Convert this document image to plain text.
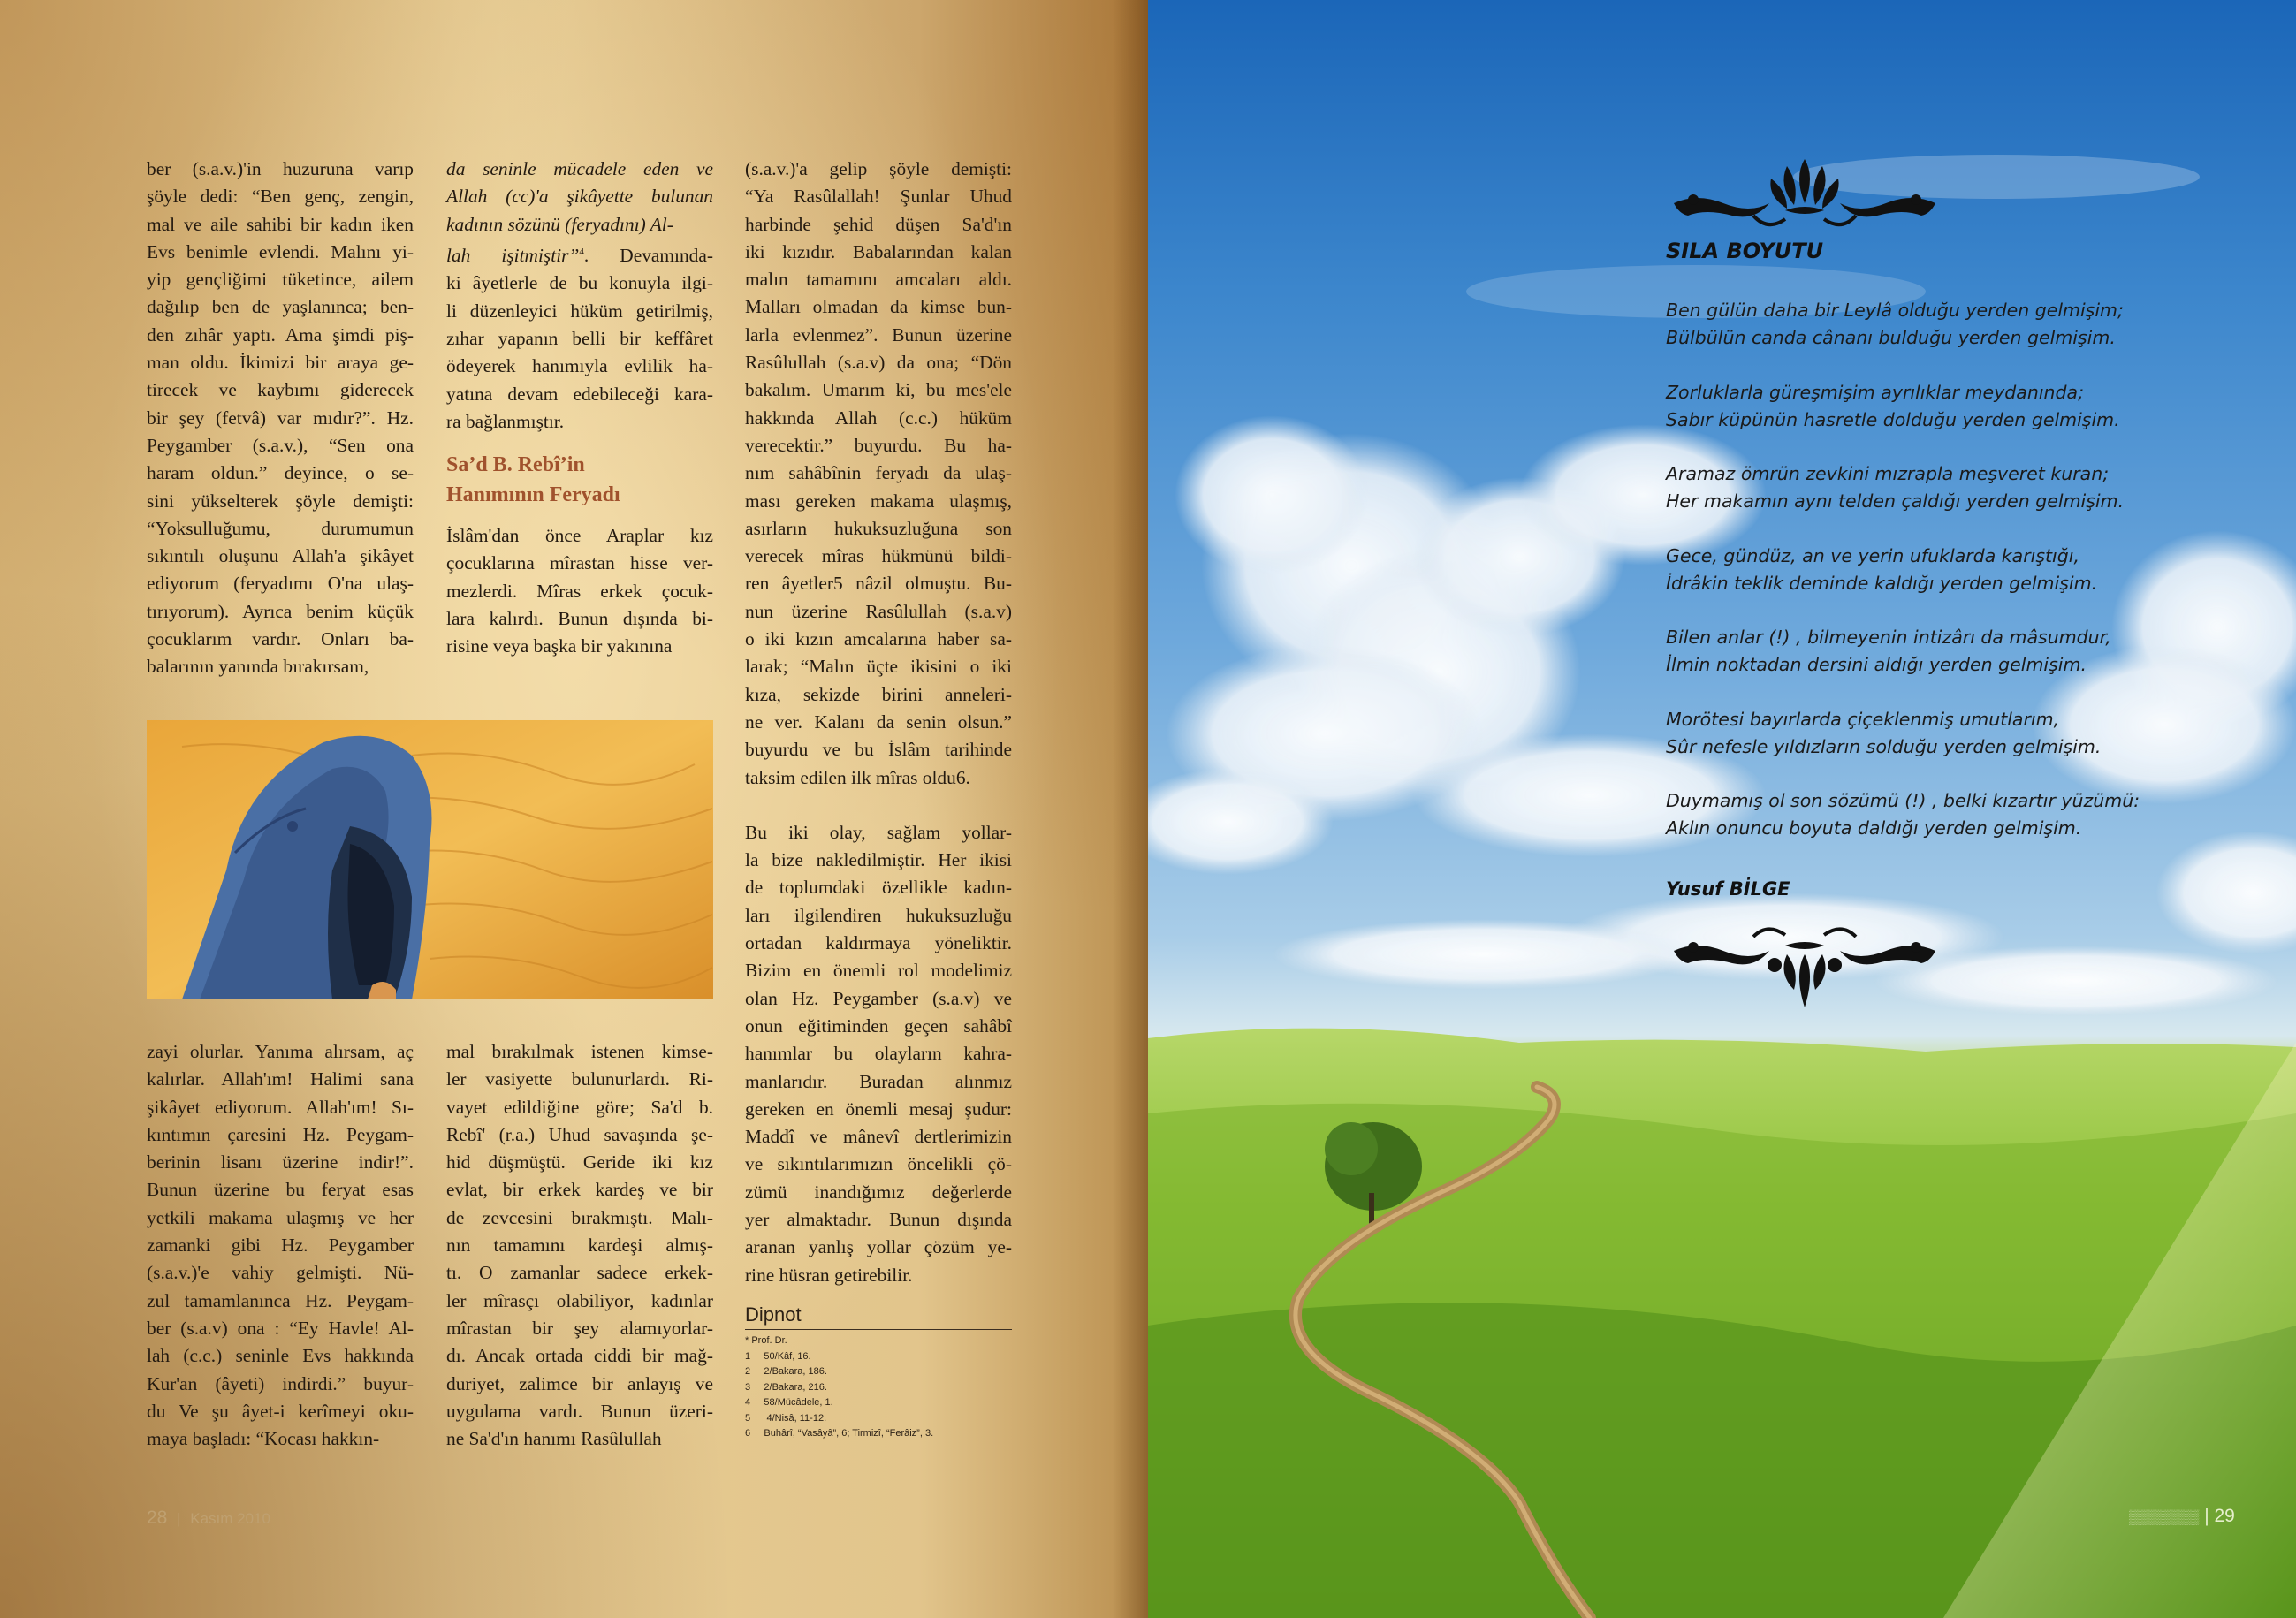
ber (s.a.v.)'in huzuruna varıp
şöyle dedi: “Ben genç, zengin,
mal ve aile sahibi bir kadın iken
Evs benimle evlendi. Malını yi-
yip gençliğimi tüketince, ailem
dağılıp ben de yaşlanınca; ben-
den zıhâr yaptı. Ama şimdi piş-
man oldu. İkimizi bir araya ge-
tirecek ve kaybımı giderecek
bir şey (fetvâ) var mıdır?”. Hz.
Peygamber (s.a.v.), “Sen ona
haram oldun.” deyince, o se-
sini yükselterek şöyle demişti:
“Yoksulluğumu, durumumun
sıkıntılı oluşunu Allah'a şikâyet
ediyorum (feryadımı O'na ulaş-
tırıyorum). Ayrıca benim küçük
çocuklarım vardır. Onları ba-
balarının yanında bırakırsam,
da seninle mücadele eden ve
Allah (cc)'a şikâyette bulunan
kadının sözünü (feryadını) Al-
lah işitmiştir”$^4$. Devamında-
ki âyetlerle de bu konuyla ilgi-
li düzenleyici hüküm getirilmiş,
zıhar yapanın belli bir keffâret
ödeyerek hanımıyla evlilik ha-
yatına devam edebileceği kara-
ra bağlanmıştır.
Sa’d B. Rebî’in
Hanımının Feryadı
İslâm'dan önce Araplar kız
çocuklarına mîrastan hisse ver-
mezlerdi. Mîras erkek çocuk-
lara kalırdı. Bunun dışında bi-
risine veya başka bir yakınına
(s.a.v.)'a gelip şöyle demişti:
“Ya Rasûlallah! Şunlar Uhud
harbinde şehid düşen Sa'd'ın
iki kızıdır. Babalarından kalan
malın tamamını amcaları aldı.
Malları olmadan da kimse bun-
larla evlenmez”. Bunun üzerine
Rasûlullah (s.a.v) da ona; “Dön
bakalım. Umarım ki, bu mes'ele
hakkında Allah (c.c.) hüküm
verecektir.” buyurdu. Bu ha-
nım sahâbînin feryadı da ulaş-
ması gereken makama ulaşmış,
asırların hukuksuzluğuna son
verecek mîras hükmünü bildi-
ren âyetler5 nâzil olmuştu. Bu-
nun üzerine Rasûlullah (s.a.v)
o iki kızın amcalarına haber sa-
larak; “Malın üçte ikisini o iki
kıza, sekizde birini anneleri-
ne ver. Kalanı da senin olsun.”
buyurdu ve bu İslâm tarihinde
taksim edilen ilk mîras oldu6.
Bu iki olay, sağlam yollar-
la bize nakledilmiştir. Her ikisi
de toplumdaki özellikle kadın-
ları ilgilendiren hukuksuzluğu
ortadan kaldırmaya yöneliktir.
Bizim en önemli rol modelimiz
olan Hz. Peygamber (s.a.v) ve
onun eğitiminden geçen sahâbî
hanımlar bu olayların kahra-
manlarıdır. Buradan alınmız
gereken en önemli mesaj şudur:
Maddî ve mânevî dertlerimizin
ve sıkıntılarımızın öncelikli çö-
zümü inandığımız değerlerde
yer almaktadır. Bunun dışında
aranan yanlış yollar çözüm ye-
rine hüsran getirebilir.
zayi olurlar. Yanıma alırsam, aç
kalırlar. Allah'ım! Halimi sana
şikâyet ediyorum. Allah'ım! Sı-
kıntımın çaresini Hz. Peygam-
berinin lisanı üzerine indir!”.
Bunun üzerine bu feryat esas
yetkili makama ulaşmış ve her
zamanki gibi Hz. Peygamber
(s.a.v.)'e vahiy gelmişti. Nü-
zul tamamlanınca Hz. Peygam-
ber (s.a.v) ona : “Ey Havle! Al-
lah (c.c.) seninle Evs hakkında
Kur'an (âyeti) indirdi.” buyur-
du Ve şu âyet-i kerîmeyi oku-
maya başladı: “Kocası hakkın-
mal bırakılmak istenen kimse-
ler vasiyette bulunurlardı. Ri-
vayet edildiğine göre; Sa'd b.
Rebî' (r.a.) Uhud savaşında şe-
hid düşmüştü. Geride iki kız
evlat, bir erkek kardeş ve bir
de zevcesini bırakmıştı. Malı-
nın tamamını kardeşi almış-
tı. O zamanlar sadece erkek-
ler mîrasçı olabiliyor, kadınlar
mîrastan bir şey alamıyorlar-
dı. Ancak ortada ciddi bir mağ-
duriyet, zalimce bir anlayış ve
uygulama vardı. Bunun üzeri-
ne Sa'd'ın hanımı Rasûlullah
Dipnot
* Prof. Dr.
1     50/Kâf, 16.
2     2/Bakara, 186.
3     2/Bakara, 216.
4     58/Mücâdele, 1.
5      4/Nisâ, 11-12.
6     Buhârî, “Vasâyâ”, 6; Tirmizî, “Ferâiz”, 3.
28 | Kasım 2010	▒▒▒▒▒▒▒ | 29
SILA BOYUTU
Ben gülün daha bir Leylâ olduğu yerden gelmişim;
Bülbülün canda cânanı bulduğu yerden gelmişim.
Zorluklarla güreşmişim ayrılıklar meydanında;
Sabır küpünün hasretle dolduğu yerden gelmişim.
Aramaz ömrün zevkini mızrapla meşveret kuran;
Her makamın aynı telden çaldığı yerden gelmişim.
Gece, gündüz, an ve yerin ufuklarda karıştığı,
İdrâkin teklik deminde kaldığı yerden gelmişim.
Bilen anlar (!) , bilmeyenin intizârı da mâsumdur,
İlmin noktadan dersini aldığı yerden gelmişim.
Morötesi bayırlarda çiçeklenmiş umutlarım,
Sûr nefesle yıldızların solduğu yerden gelmişim.
Duymamış ol son sözümü (!) , belki kızartır yüzümü:
Aklın onuncu boyuta daldığı yerden gelmişim.
Yusuf BİLGE
